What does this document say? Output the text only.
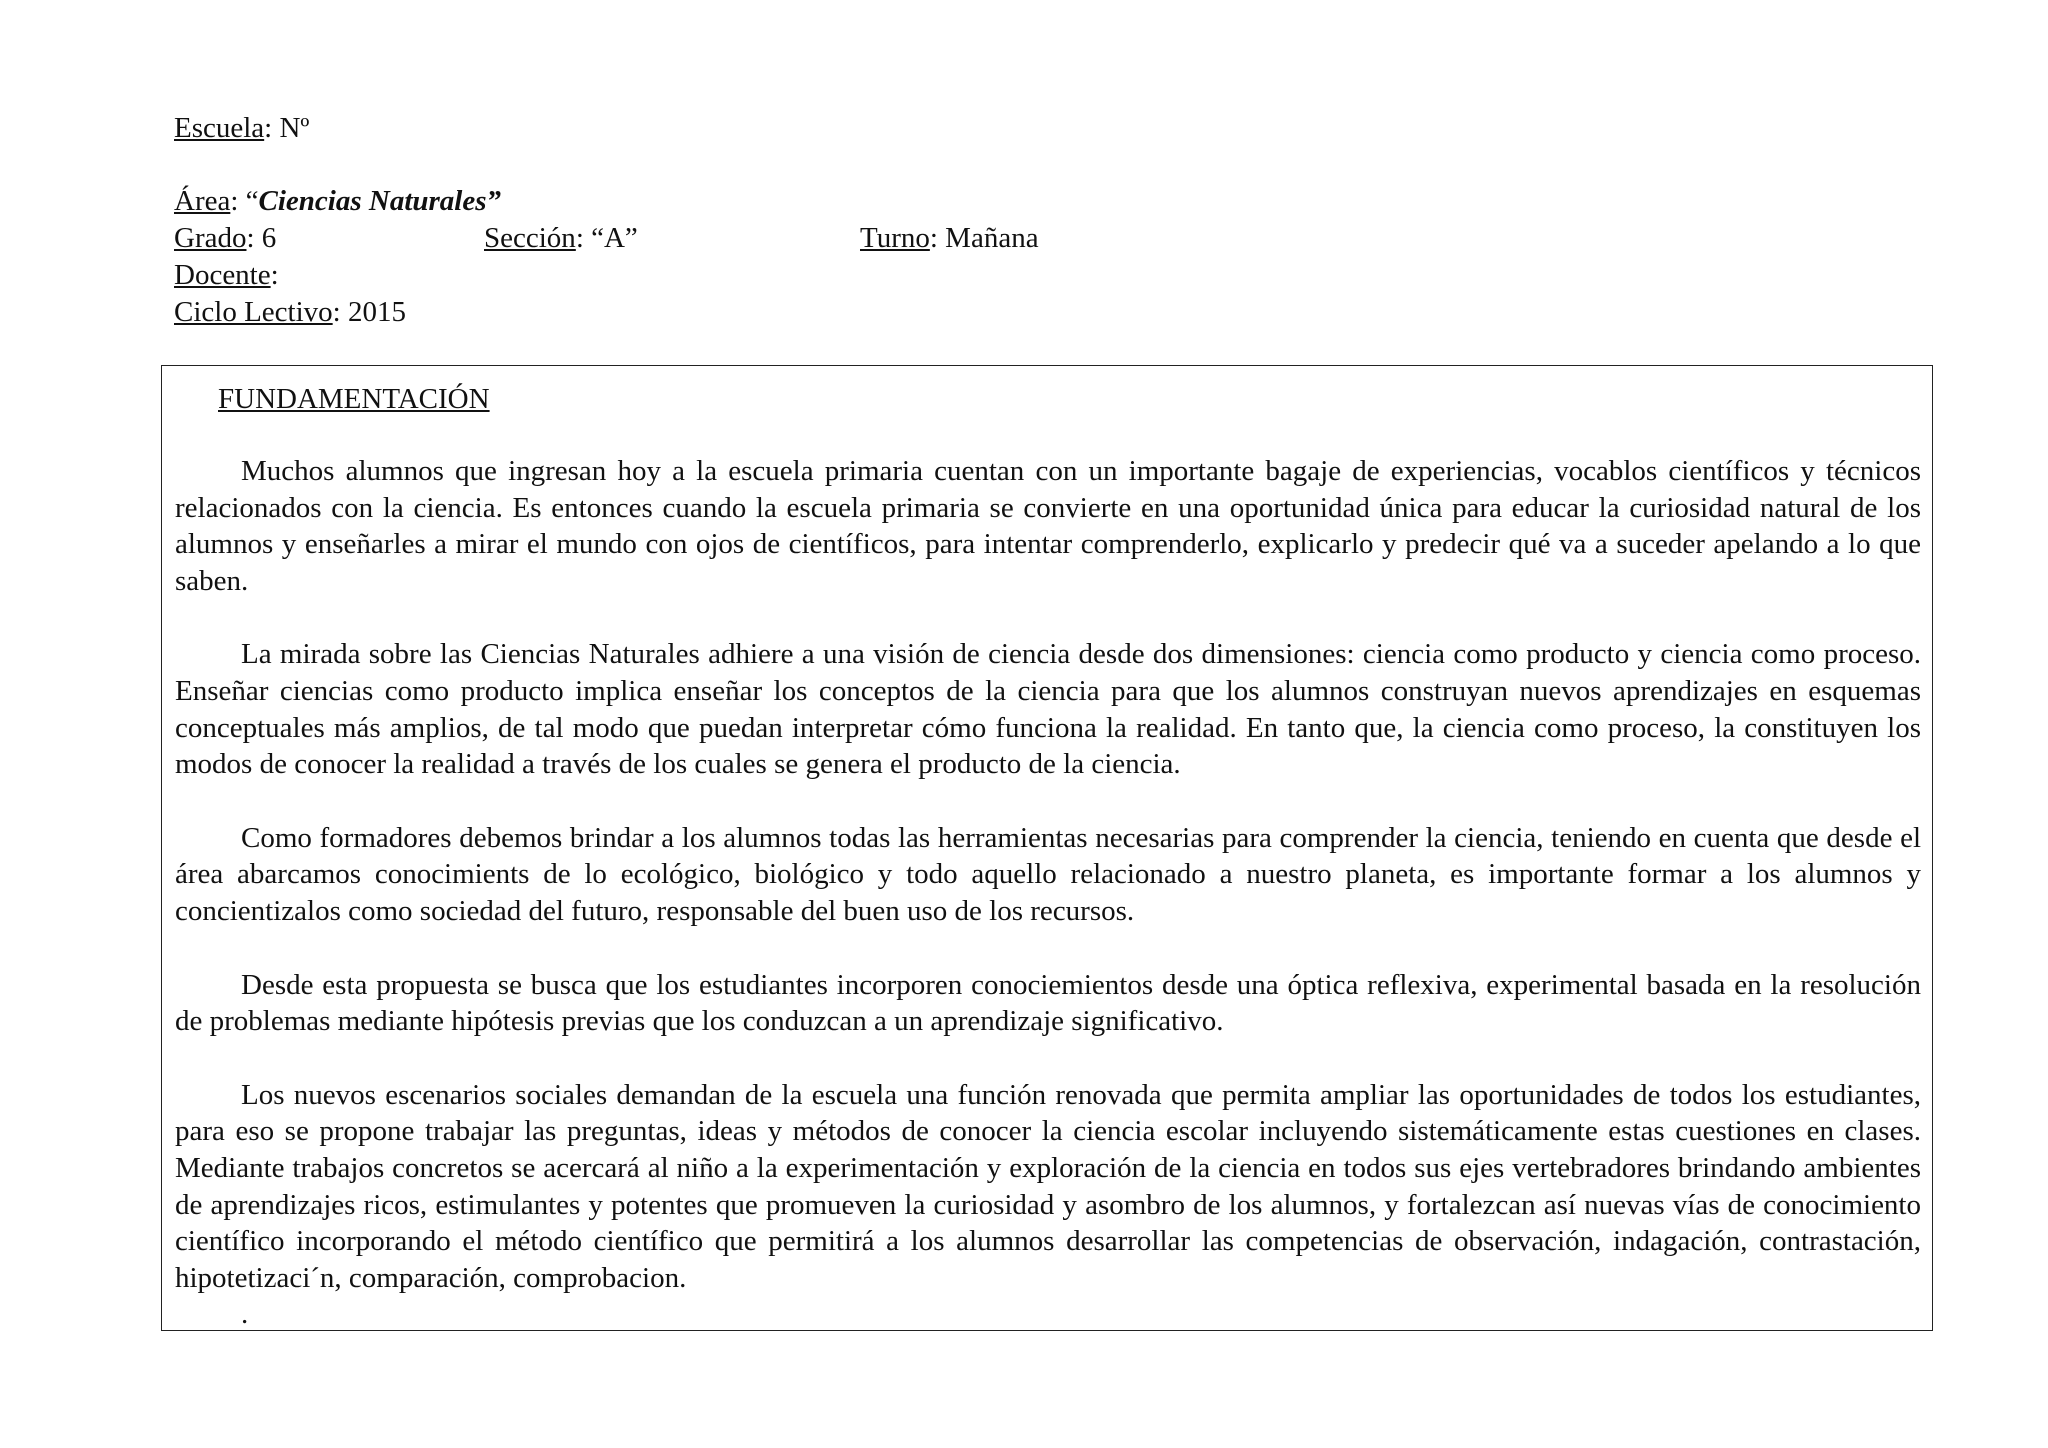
Escuela: Nº
Área: “Ciencias Naturales”
Grado: 6	Sección: “A”	Turno: Mañana
Docente:
Ciclo Lectivo: 2015
FUNDAMENTACIÓN

Muchos alumnos que ingresan hoy a la escuela primaria cuentan con un importante bagaje de experiencias, vocablos científicos y técnicos relacionados con la ciencia. Es entonces cuando la escuela primaria se convierte en una oportunidad única para educar la curiosidad natural de los alumnos y enseñarles a mirar el mundo con ojos de científicos, para intentar comprenderlo, explicarlo y predecir qué va a suceder apelando a lo que saben.

La mirada sobre las Ciencias Naturales adhiere a una visión de ciencia desde dos dimensiones: ciencia como producto y ciencia como proceso. Enseñar ciencias como producto implica enseñar los conceptos de la ciencia para que los alumnos construyan nuevos aprendizajes en esquemas conceptuales más amplios, de tal modo que puedan interpretar cómo funciona la realidad. En tanto que, la ciencia como proceso, la constituyen los modos de conocer la realidad a través de los cuales se genera el producto de la ciencia.

Como formadores debemos brindar a los alumnos todas las herramientas necesarias para comprender la ciencia, teniendo en cuenta que desde el área abarcamos conocimients de lo ecológico, biológico y todo aquello relacionado a nuestro planeta, es importante formar a los alumnos y concientizalos como sociedad del futuro, responsable del buen uso de los recursos.

Desde esta propuesta se busca que los estudiantes incorporen conociemientos desde una óptica reflexiva, experimental basada en la resolución de problemas mediante hipótesis previas que los conduzcan a un aprendizaje significativo.

Los nuevos escenarios sociales demandan de la escuela una función renovada que permita ampliar las oportunidades de todos los estudiantes, para eso se propone trabajar las preguntas, ideas y métodos de conocer la ciencia escolar incluyendo sistemáticamente estas cuestiones en clases. Mediante trabajos concretos se acercará al niño a la experimentación y exploración de la ciencia en todos sus ejes vertebradores brindando ambientes de aprendizajes ricos, estimulantes y potentes que promueven la curiosidad y asombro de los alumnos, y fortalezcan así nuevas vías de conocimiento científico incorporando el método científico que permitirá a los alumnos desarrollar las competencias de observación, indagación, contrastación, hipotetizaci´n, comparación, comprobacion.

.
